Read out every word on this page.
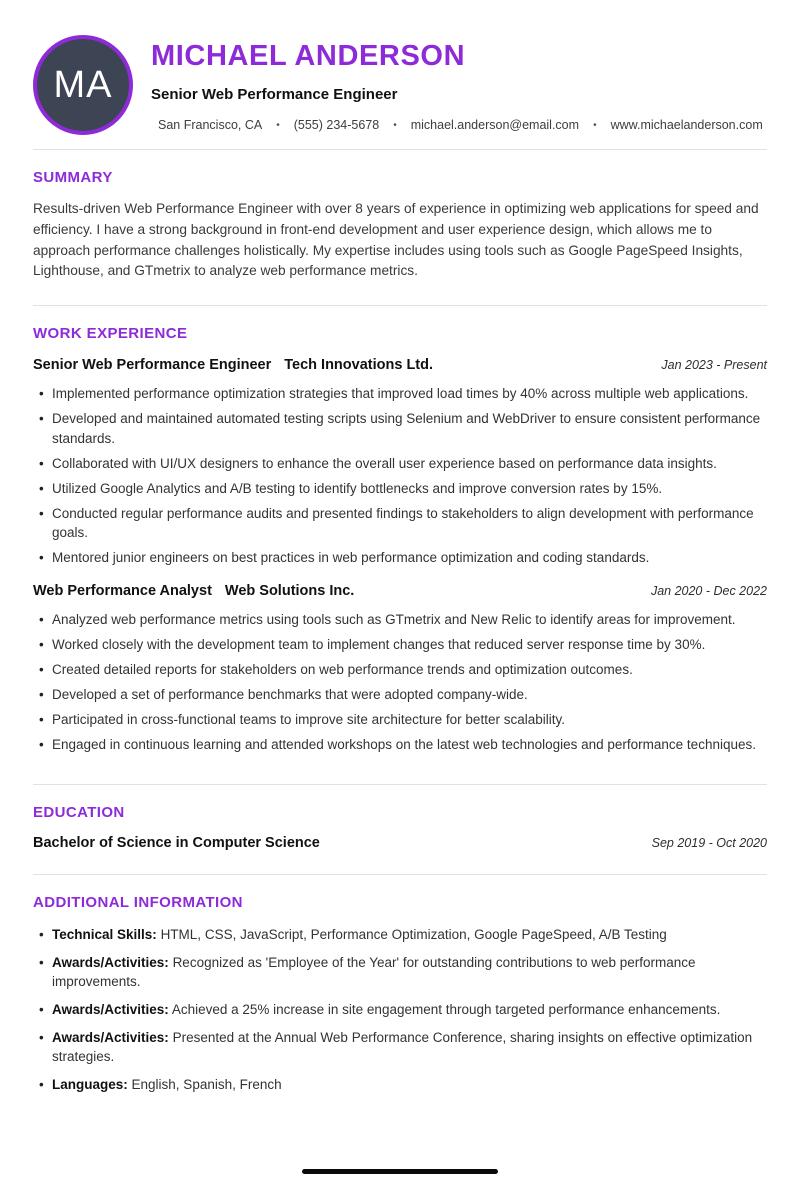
MA
MICHAEL ANDERSON
Senior Web Performance Engineer
San Francisco, CA • (555) 234-5678 • michael.anderson@email.com • www.michaelanderson.com
SUMMARY

Results-driven Web Performance Engineer with over 8 years of experience in optimizing web applications for speed and efficiency. I have a strong background in front-end development and user experience design, which allows me to approach performance challenges holistically. My expertise includes using tools such as Google PageSpeed Insights, Lighthouse, and GTmetrix to analyze web performance metrics.

WORK EXPERIENCE
Senior Web Performance Engineer Tech Innovations Ltd.	Jan 2023 - Present
• Implemented performance optimization strategies that improved load times by 40% across multiple web applications.
• Developed and maintained automated testing scripts using Selenium and WebDriver to ensure consistent performance standards.
• Collaborated with UI/UX designers to enhance the overall user experience based on performance data insights.
• Utilized Google Analytics and A/B testing to identify bottlenecks and improve conversion rates by 15%.
• Conducted regular performance audits and presented findings to stakeholders to align development with performance goals.
• Mentored junior engineers on best practices in web performance optimization and coding standards.
Web Performance Analyst Web Solutions Inc.	Jan 2020 - Dec 2022
• Analyzed web performance metrics using tools such as GTmetrix and New Relic to identify areas for improvement.
• Worked closely with the development team to implement changes that reduced server response time by 30%.
• Created detailed reports for stakeholders on web performance trends and optimization outcomes.
• Developed a set of performance benchmarks that were adopted company-wide.
• Participated in cross-functional teams to improve site architecture for better scalability.
• Engaged in continuous learning and attended workshops on the latest web technologies and performance techniques.
EDUCATION
Bachelor of Science in Computer Science	Sep 2019 - Oct 2020
ADDITIONAL INFORMATION
• Technical Skills: HTML, CSS, JavaScript, Performance Optimization, Google PageSpeed, A/B Testing
• Awards/Activities: Recognized as 'Employee of the Year' for outstanding contributions to web performance improvements.
• Awards/Activities: Achieved a 25% increase in site engagement through targeted performance enhancements.
• Awards/Activities: Presented at the Annual Web Performance Conference, sharing insights on effective optimization strategies.
• Languages: English, Spanish, French
